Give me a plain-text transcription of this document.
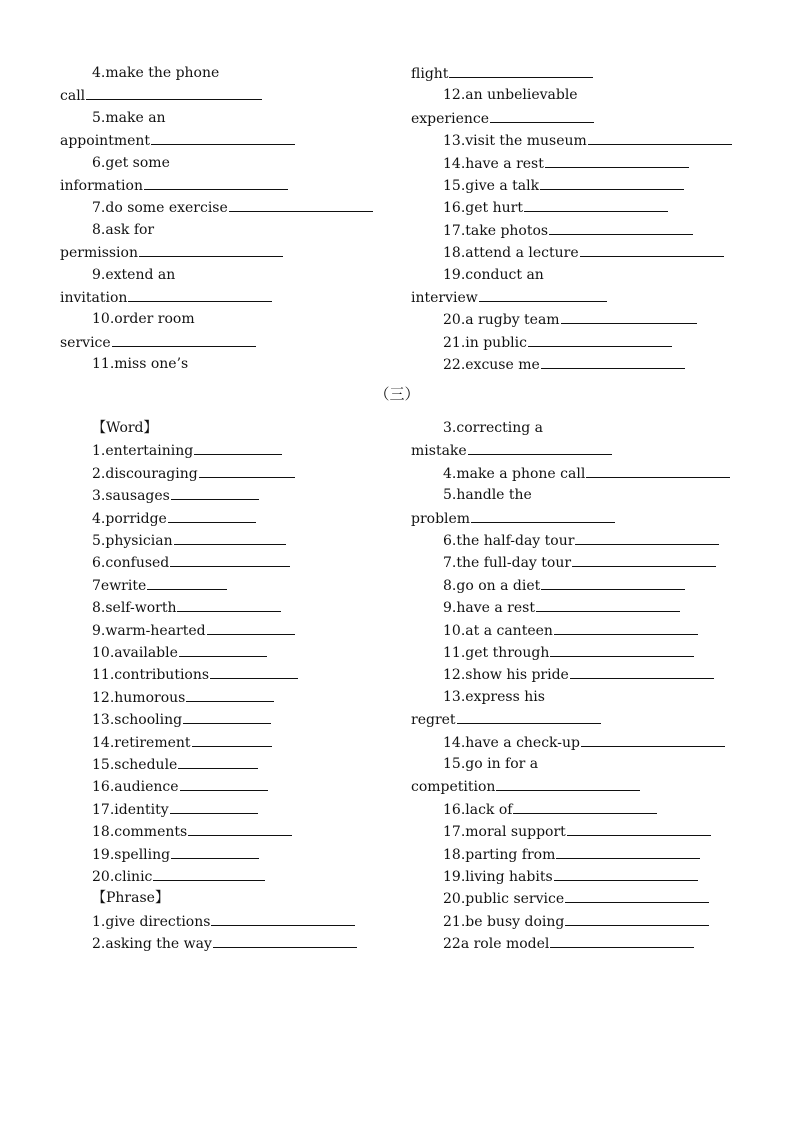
（三）
4.make the phone
call
5.make an
appointment
6.get some
information
7.do some exercise
8.ask for
permission
9.extend an
invitation
10.order room
service
11.miss one’s
flight
12.an unbelievable
experience
13.visit the museum
14.have a rest
15.give a talk
16.get hurt
17.take photos
18.attend a lecture
19.conduct an
interview
20.a rugby team
21.in public
22.excuse me
【Word】
1.entertaining
2.discouraging
3.sausages
4.porridge
5.physician
6.confused
7ewrite
8.self-worth
9.warm-hearted
10.available
11.contributions
12.humorous
13.schooling
14.retirement
15.schedule
16.audience
17.identity
18.comments
19.spelling
20.clinic
【Phrase】
1.give directions
2.asking the way
3.correcting a
mistake
4.make a phone call
5.handle the
problem
6.the half-day tour
7.the full-day tour
8.go on a diet
9.have a rest
10.at a canteen
11.get through
12.show his pride
13.express his
regret
14.have a check-up
15.go in for a
competition
16.lack of
17.moral support
18.parting from
19.living habits
20.public service
21.be busy doing
22a role model
